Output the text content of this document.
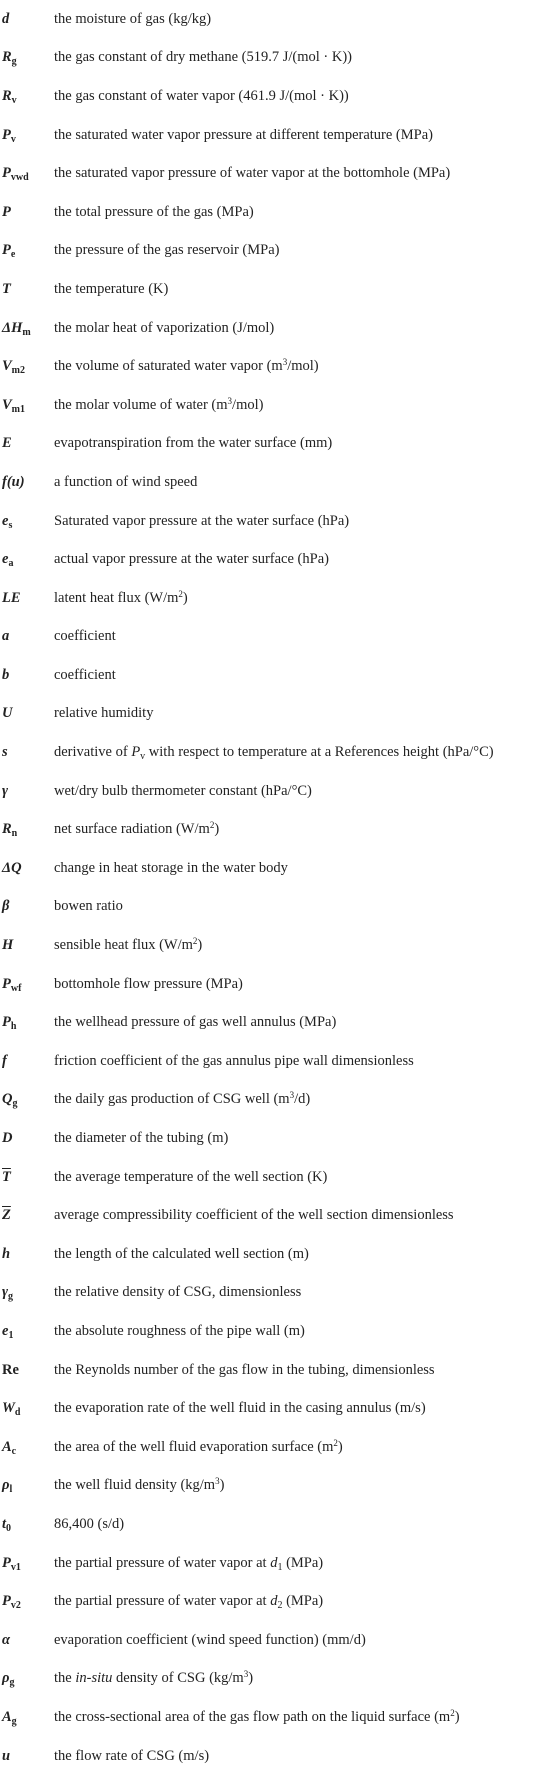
d	the moisture of gas (kg/kg)
$R_g$	the gas constant of dry methane (519.7 J/(mol · K))
$R_v$	the gas constant of water vapor (461.9 J/(mol · K))
$P_v$	the saturated water vapor pressure at different temperature (MPa)
$P_{vwd}$	the saturated vapor pressure of water vapor at the bottomhole (MPa)
P	the total pressure of the gas (MPa)
$P_e$	the pressure of the gas reservoir (MPa)
T	the temperature (K)
$\Delta H_m$	the molar heat of vaporization (J/mol)
$V_{m2}$	the volume of saturated water vapor $(m^3/mol)$
$V_{m1}$	the molar volume of water $(m^3/mol)$
E	evapotranspiration from the water surface (mm)
f(u)	a function of wind speed
$e_s$	Saturated vapor pressure at the water surface (hPa)
$e_a$	actual vapor pressure at the water surface (hPa)
LE	latent heat flux $(W/m^2)$
a	coefficient
b	coefficient
U	relative humidity
s	derivative of $P_v$ with respect to temperature at a References height (hPa/°C)
γ	wet/dry bulb thermometer constant (hPa/°C)
$R_n$	net surface radiation $(W/m^2)$
ΔQ	change in heat storage in the water body
β	bowen ratio
H	sensible heat flux $(W/m^2)$
$P_{wf}$	bottomhole flow pressure (MPa)
$P_h$	the wellhead pressure of gas well annulus (MPa)
f	friction coefficient of the gas annulus pipe wall dimensionless
$Q_g$	the daily gas production of CSG well $(m^3/d)$
D	the diameter of the tubing (m)
$\overline{T}$	the average temperature of the well section (K)
$\overline{Z}$	average compressibility coefficient of the well section dimensionless
h	the length of the calculated well section (m)
$\gamma_g$	the relative density of CSG, dimensionless
$e_1$	the absolute roughness of the pipe wall (m)
Re	the Reynolds number of the gas flow in the tubing, dimensionless
$W_d$	the evaporation rate of the well fluid in the casing annulus (m/s)
$A_c$	the area of the well fluid evaporation surface $(m^2)$
$\rho_l$	the well fluid density $(kg/m^3)$
$t_0$	86,400 (s/d)
$P_{v1}$	the partial pressure of water vapor at $d_1$ (MPa)
$P_{v2}$	the partial pressure of water vapor at $d_2$ (MPa)
α	evaporation coefficient (wind speed function) (mm/d)
$\rho_g$	the in-situ density of CSG $(kg/m^3)$
$A_g$	the cross-sectional area of the gas flow path on the liquid surface $(m^2)$
u	the flow rate of CSG (m/s)
